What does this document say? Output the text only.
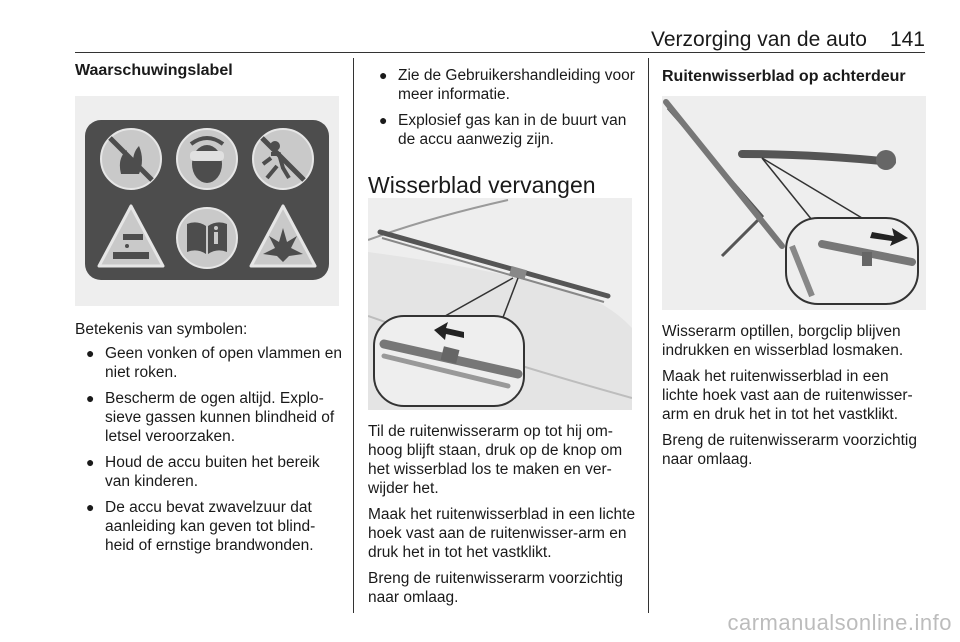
Verzorging van de auto 141
Waarschuwingslabel

Betekenis van symbolen:

● Geen vonken of open vlammen en niet roken.
● Bescherm de ogen altijd. Explo-sieve gassen kunnen blindheid of letsel veroorzaken.
● Houd de accu buiten het bereik van kinderen.
● De accu bevat zwavelzuur dat aanleiding kan geven tot blind-heid of ernstige brandwonden.
● Zie de Gebruikershandleiding voor meer informatie.
● Explosief gas kan in de buurt van de accu aanwezig zijn.
Wisserblad vervangen

Til de ruitenwisserarm op tot hij om-hoog blijft staan, druk op de knop om het wisserblad los te maken en ver-wijder het.

Maak het ruitenwisserblad in een lichte hoek vast aan de ruitenwisser-arm en druk het in tot het vastklikt.

Breng de ruitenwisserarm voorzichtig naar omlaag.

Ruitenwisserblad op achterdeur

Wisserarm optillen, borgclip blijven indrukken en wisserblad losmaken.

Maak het ruitenwisserblad in een lichte hoek vast aan de ruitenwisser-arm en druk het in tot het vastklikt.

Breng de ruitenwisserarm voorzichtig naar omlaag.

carmanualsonline.info
